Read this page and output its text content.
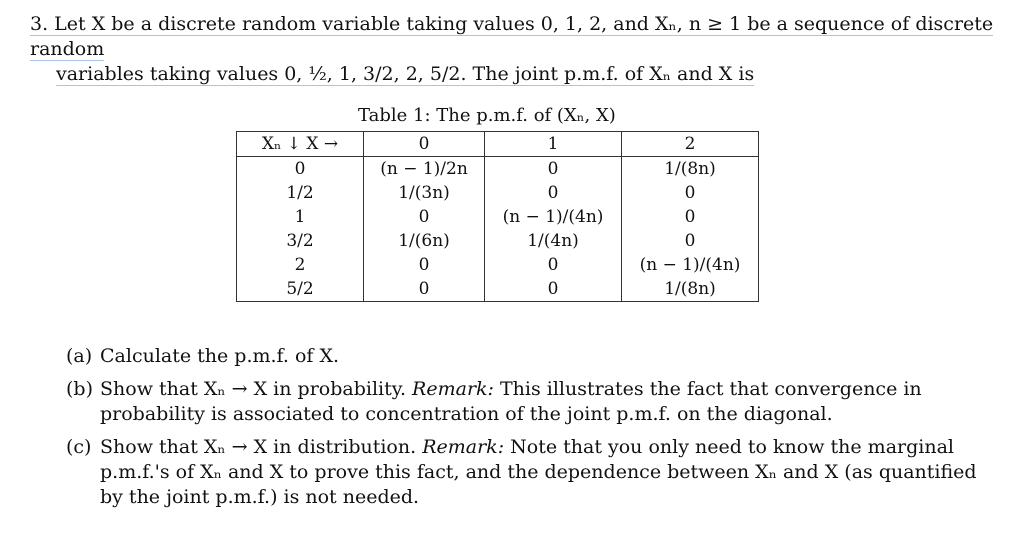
3. Let X be a discrete random variable taking values 0, 1, 2, and Xₙ, n ≥ 1 be a sequence of discrete random
variables taking values 0, ½, 1, 3/2, 2, 5/2. The joint p.m.f. of Xₙ and X is
Table 1: The p.m.f. of (Xₙ, X)
Xₙ ↓ X →	0	1	2
0	(n − 1)/2n	0	1/(8n)
1/2	1/(3n)	0	0
1	0	(n − 1)/(4n)	0
3/2	1/(6n)	1/(4n)	0
2	0	0	(n − 1)/(4n)
5/2	0	0	1/(8n)
(a) Calculate the p.m.f. of X.
(b) Show that Xₙ → X in probability. Remark: This illustrates the fact that convergence in probability is associated to concentration of the joint p.m.f. on the diagonal.
(c) Show that Xₙ → X in distribution. Remark: Note that you only need to know the marginal p.m.f.'s of Xₙ and X to prove this fact, and the dependence between Xₙ and X (as quantified by the joint p.m.f.) is not needed.
